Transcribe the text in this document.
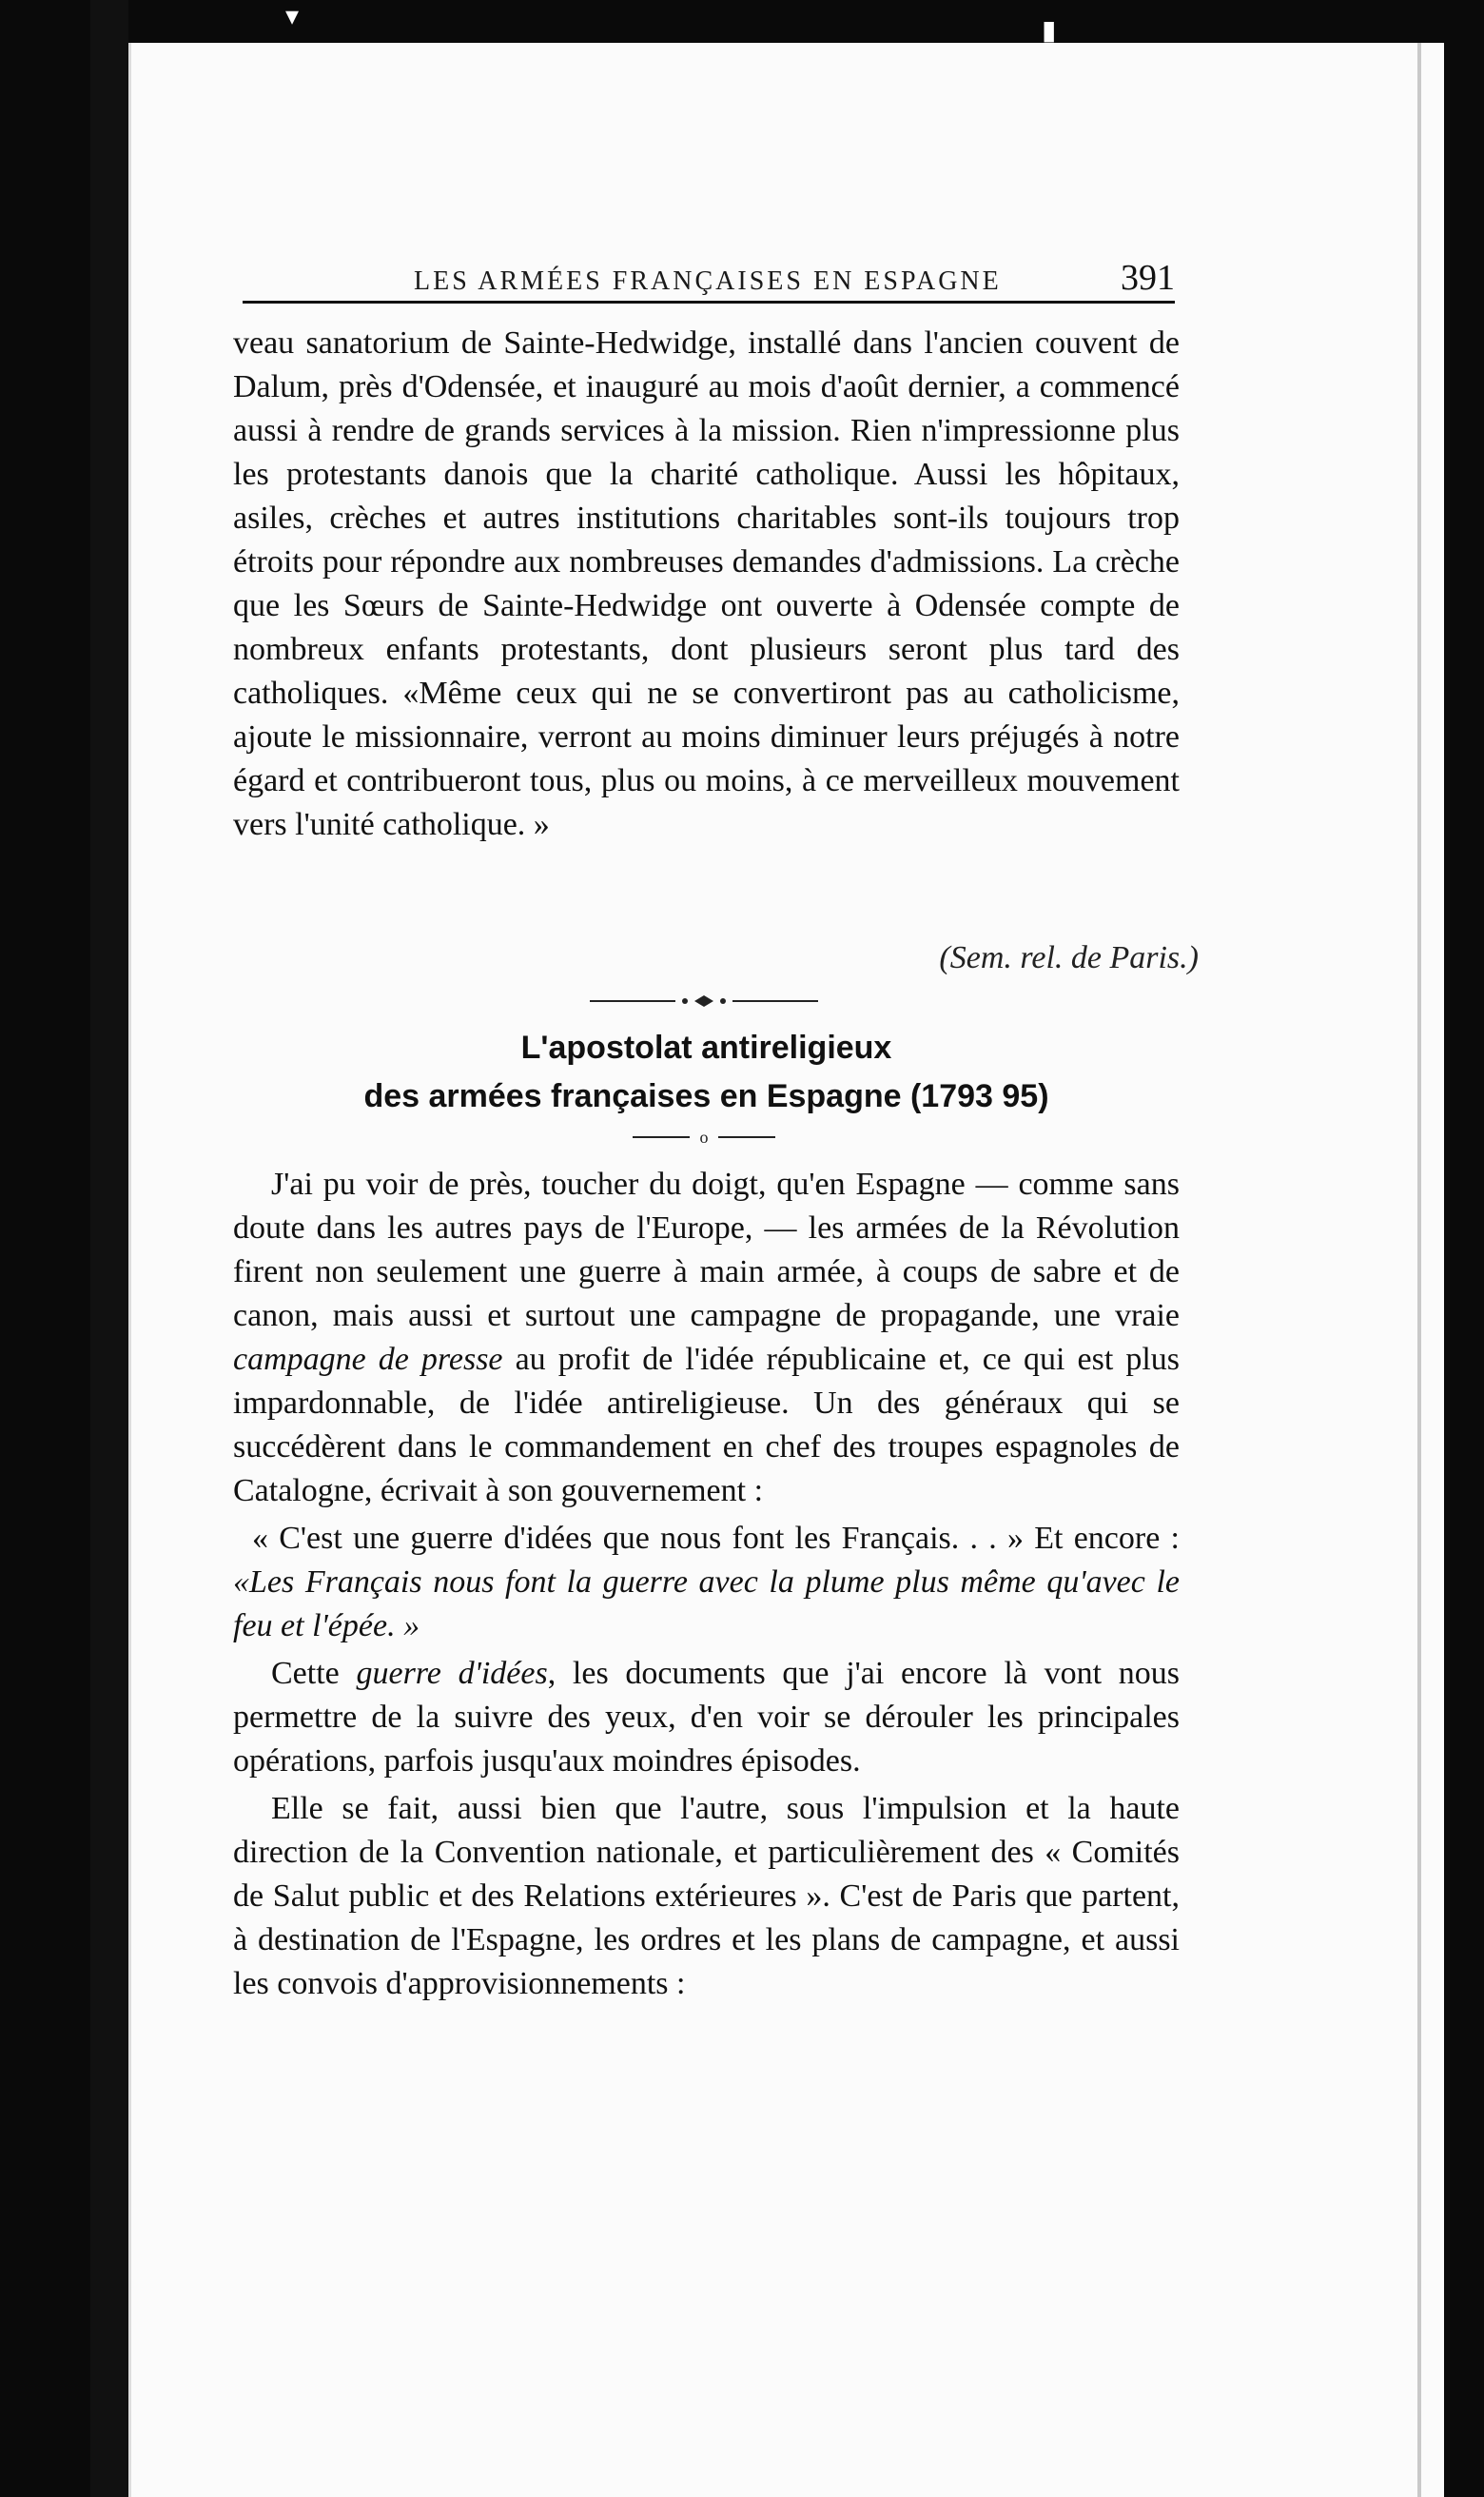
▾	▮
LES ARMÉES FRANÇAISES EN ESPAGNE	391

veau sanatorium de Sainte-Hedwidge, installé dans l'ancien couvent de Dalum, près d'Odensée, et inauguré au mois d'août dernier, a commencé aussi à rendre de grands services à la mission. Rien n'impressionne plus les protestants danois que la charité catholique. Aussi les hôpitaux, asiles, crèches et autres institutions charitables sont-ils toujours trop étroits pour répondre aux nombreuses demandes d'admissions. La crèche que les Sœurs de Sainte-Hedwidge ont ouverte à Odensée compte de nombreux enfants protestants, dont plusieurs seront plus tard des catholiques. «Même ceux qui ne se convertiront pas au catholicisme, ajoute le missionnaire, verront au moins diminuer leurs préjugés à notre égard et contribueront tous, plus ou moins, à ce merveilleux mouvement vers l'unité catholique. »

(Sem. rel. de Paris.)
L'apostolat antireligieux
des armées françaises en Espagne (1793 95)
o

J'ai pu voir de près, toucher du doigt, qu'en Espagne — comme sans doute dans les autres pays de l'Europe, — les armées de la Révolution firent non seulement une guerre à main armée, à coups de sabre et de canon, mais aussi et surtout une campagne de propagande, une vraie campagne de presse au profit de l'idée républicaine et, ce qui est plus impardonnable, de l'idée antireligieuse. Un des généraux qui se succédèrent dans le commandement en chef des troupes espagnoles de Catalogne, écrivait à son gouvernement :

« C'est une guerre d'idées que nous font les Français. . . » Et encore : «Les Français nous font la guerre avec la plume plus même qu'avec le feu et l'épée. »

Cette guerre d'idées, les documents que j'ai encore là vont nous permettre de la suivre des yeux, d'en voir se dérouler les principales opérations, parfois jusqu'aux moindres épisodes.

Elle se fait, aussi bien que l'autre, sous l'impulsion et la haute direction de la Convention nationale, et particulièrement des « Comités de Salut public et des Relations extérieures ». C'est de Paris que partent, à destination de l'Espagne, les ordres et les plans de campagne, et aussi les convois d'approvisionnements :
